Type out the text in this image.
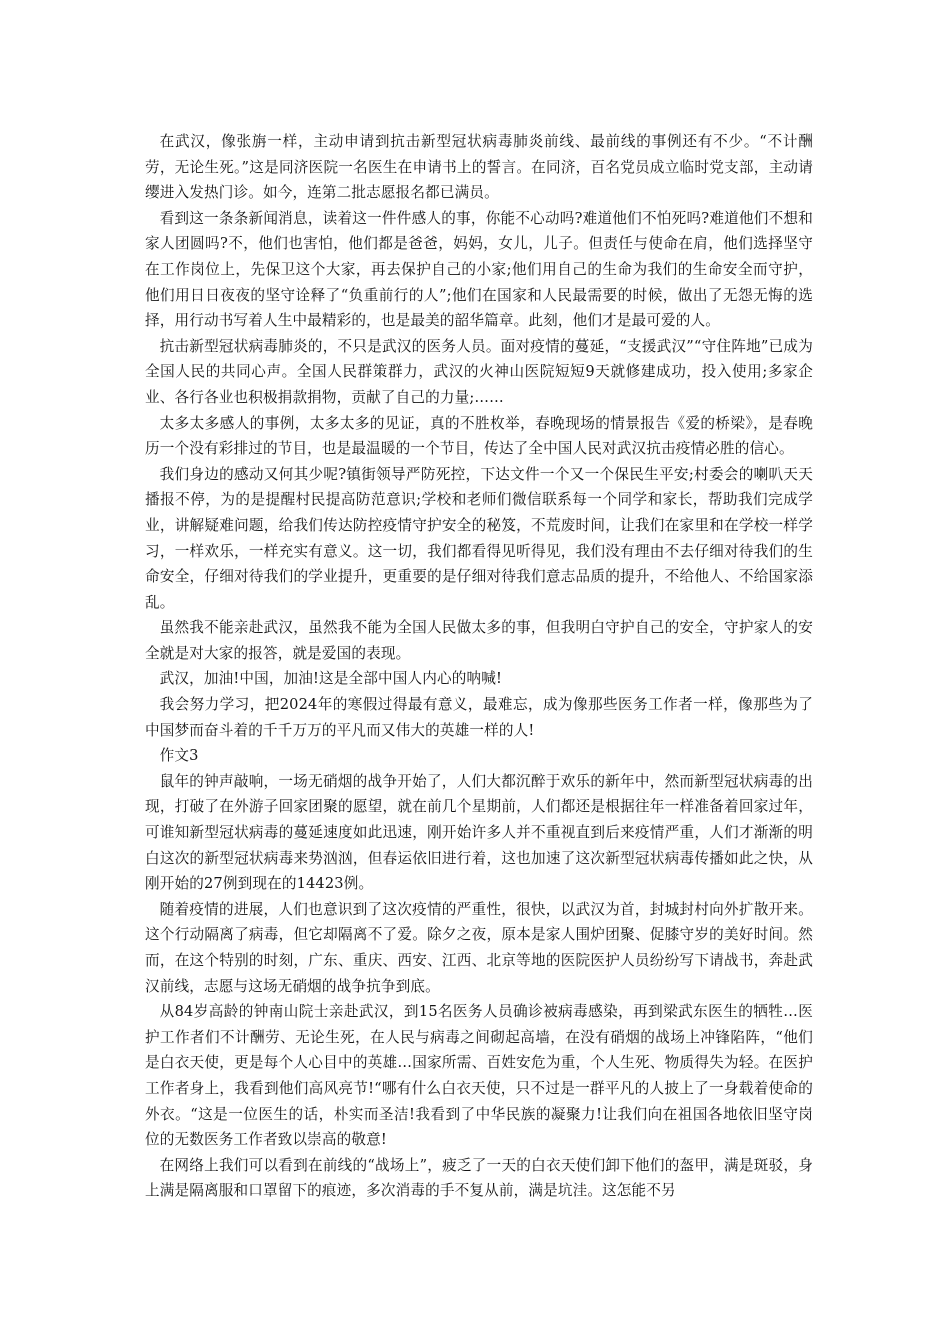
在武汉，像张旃一样，主动申请到抗击新型冠状病毒肺炎前线、最前线的事例还有不少。“不计酬劳，无论生死。”这是同济医院一名医生在申请书上的誓言。在同济，百名党员成立临时党支部，主动请缨进入发热门诊。如今，连第二批志愿报名都已满员。

看到这一条条新闻消息，读着这一件件感人的事，你能不心动吗?难道他们不怕死吗?难道他们不想和家人团圆吗?不，他们也害怕，他们都是爸爸，妈妈，女儿，儿子。但责任与使命在肩，他们选择坚守在工作岗位上，先保卫这个大家，再去保护自己的小家;他们用自己的生命为我们的生命安全而守护，他们用日日夜夜的坚守诠释了“负重前行的人”;他们在国家和人民最需要的时候，做出了无怨无悔的选择，用行动书写着人生中最精彩的，也是最美的韶华篇章。此刻，他们才是最可爱的人。

抗击新型冠状病毒肺炎的，不只是武汉的医务人员。面对疫情的蔓延，“支援武汉”“守住阵地”已成为全国人民的共同心声。全国人民群策群力，武汉的火神山医院短短9天就修建成功，投入使用;多家企业、各行各业也积极捐款捐物，贡献了自己的力量;……

太多太多感人的事例，太多太多的见证，真的不胜枚举，春晚现场的情景报告《爱的桥梁》，是春晚历一个没有彩排过的节目，也是最温暖的一个节目，传达了全中国人民对武汉抗击疫情必胜的信心。

我们身边的感动又何其少呢?镇街领导严防死控，下达文件一个又一个保民生平安;村委会的喇叭天天播报不停，为的是提醒村民提高防范意识;学校和老师们微信联系每一个同学和家长，帮助我们完成学业，讲解疑难问题，给我们传达防控疫情守护安全的秘笈，不荒废时间，让我们在家里和在学校一样学习，一样欢乐，一样充实有意义。这一切，我们都看得见听得见，我们没有理由不去仔细对待我们的生命安全，仔细对待我们的学业提升，更重要的是仔细对待我们意志品质的提升，不给他人、不给国家添乱。

虽然我不能亲赴武汉，虽然我不能为全国人民做太多的事，但我明白守护自己的安全，守护家人的安全就是对大家的报答，就是爱国的表现。

武汉，加油!中国，加油!这是全部中国人内心的呐喊!

我会努力学习，把2024年的寒假过得最有意义，最难忘，成为像那些医务工作者一样，像那些为了中国梦而奋斗着的千千万万的平凡而又伟大的英雄一样的人!

作文3

鼠年的钟声敲响，一场无硝烟的战争开始了，人们大都沉醉于欢乐的新年中，然而新型冠状病毒的出现，打破了在外游子回家团聚的愿望，就在前几个星期前，人们都还是根据往年一样准备着回家过年，可谁知新型冠状病毒的蔓延速度如此迅速，刚开始许多人并不重视直到后来疫情严重，人们才渐渐的明白这次的新型冠状病毒来势汹汹，但春运依旧进行着，这也加速了这次新型冠状病毒传播如此之快，从刚开始的27例到现在的14423例。

随着疫情的进展，人们也意识到了这次疫情的严重性，很快，以武汉为首，封城封村向外扩散开来。这个行动隔离了病毒，但它却隔离不了爱。除夕之夜，原本是家人围炉团聚、促膝守岁的美好时间。然而，在这个特别的时刻，广东、重庆、西安、江西、北京等地的医院医护人员纷纷写下请战书，奔赴武汉前线，志愿与这场无硝烟的战争抗争到底。

从84岁高龄的钟南山院士亲赴武汉，到15名医务人员确诊被病毒感染，再到梁武东医生的牺牲…医护工作者们不计酬劳、无论生死，在人民与病毒之间砌起高墙，在没有硝烟的战场上冲锋陷阵，“他们是白衣天使，更是每个人心目中的英雄…国家所需、百姓安危为重，个人生死、物质得失为轻。在医护工作者身上，我看到他们高风亮节!“哪有什么白衣天使，只不过是一群平凡的人披上了一身载着使命的外衣。“这是一位医生的话，朴实而圣洁!我看到了中华民族的凝聚力!让我们向在祖国各地依旧坚守岗位的无数医务工作者致以崇高的敬意!

在网络上我们可以看到在前线的“战场上”，疲乏了一天的白衣天使们卸下他们的盔甲，满是斑驳，身上满是隔离服和口罩留下的痕迹，多次消毒的手不复从前，满是坑洼。这怎能不另
